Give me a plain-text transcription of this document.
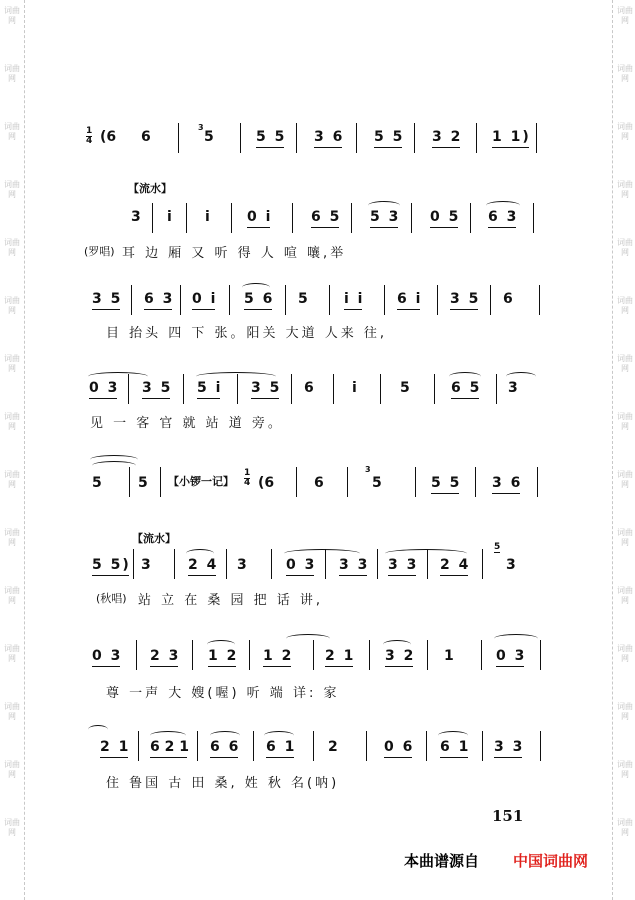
词曲网
词曲网
词曲网
词曲网
词曲网
词曲网
词曲网
词曲网
词曲网
词曲网
词曲网
词曲网
词曲网
词曲网
词曲网
词曲网
词曲网
词曲网
词曲网
词曲网
词曲网
词曲网
词曲网
词曲网
词曲网
词曲网
词曲网
词曲网
词曲网
词曲网
$\frac{1}{4} (6$ 6
3
5	5 5 3 6 5 5 3 2 1 1)
【流水】
3 i i	0 i	6 5 5 3 0 5 6 3
(罗唱) 耳 边 厢 又 听 得 人 喧 嚷,举
3 5 6 3 0 i 5 6 5	i i 6 i 3 5 6
目 抬头 四 下 张。阳关 大道 人来 往,
0 3 3 5 5 i 3 5 6	i	5	6 5 3
见 一 客 官 就 站 道 旁。
5	5 【小锣一记】 $\frac{1}{4} (6$	6
3
5	5 5 3 6
【流水】
5 5) 3	2 4 3	0 3 3 3 3 3 2 4
5
3
(秋唱) 站 立 在 桑 园 把 话 讲,
0 3 2 3 1 2 1 2 2 1 3 2 1	0 3
尊 一声 大 嫂(喔) 听 端 详: 家
2 1 6 2 1 6 6 6 1 2	0 6 6 1 3 3
住 鲁国 古 田 桑, 姓 秋 名(呐)
151
本曲谱源自 中国词曲网
